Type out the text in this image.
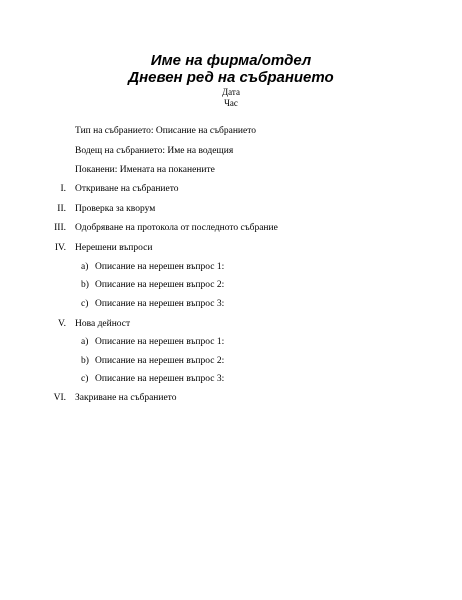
Име на фирма/отдел
Дневен ред на събранието
Дата
Час
Тип на събранието: Описание на събранието
Водещ на събранието: Име на водещия
Поканени: Имената на поканените
I. Откриване на събранието
II. Проверка за кворум
III. Одобряване на протокола от последното събрание
IV. Нерешени въпроси
a) Описание на нерешен въпрос 1:
b) Описание на нерешен въпрос 2:
c) Описание на нерешен въпрос 3:
V. Нова дейност
a) Описание на нерешен въпрос 1:
b) Описание на нерешен въпрос 2:
c) Описание на нерешен въпрос 3:
VI. Закриване на събранието
